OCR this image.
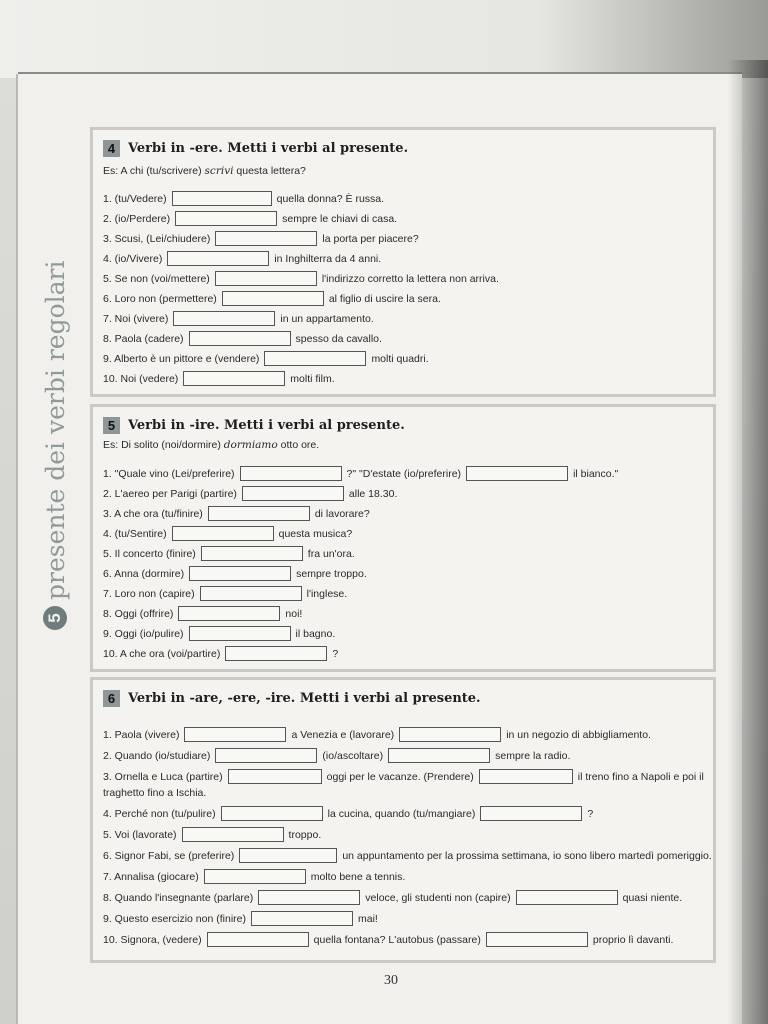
5
presente dei verbi regolari
4 Verbi in -ere. Metti i verbi al presente.
Es: A chi (tu/scrivere) scrivi questa lettera?
1. (tu/Vedere)	quella donna? È russa.
2. (io/Perdere)	sempre le chiavi di casa.
3. Scusi, (Lei/chiudere)	la porta per piacere?
4. (io/Vivere)	in Inghilterra da 4 anni.
5. Se non (voi/mettere)	l'indirizzo corretto la lettera non arriva.
6. Loro non (permettere)	al figlio di uscire la sera.
7. Noi (vivere)	in un appartamento.
8. Paola (cadere)	spesso da cavallo.
9. Alberto è un pittore e (vendere)	molti quadri.
10. Noi (vedere)	molti film.
5 Verbi in -ire. Metti i verbi al presente.
Es: Di solito (noi/dormire) dormiamo otto ore.
1. "Quale vino (Lei/preferire)	?" "D'estate (io/preferire)	il bianco."
2. L'aereo per Parigi (partire)	alle 18.30.
3. A che ora (tu/finire)	di lavorare?
4. (tu/Sentire)	questa musica?
5. Il concerto (finire)	fra un'ora.
6. Anna (dormire)	sempre troppo.
7. Loro non (capire)	l'inglese.
8. Oggi (offrire)	noi!
9. Oggi (io/pulire)	il bagno.
10. A che ora (voi/partire)	?
6 Verbi in -are, -ere, -ire. Metti i verbi al presente.
1. Paola (vivere)	a Venezia e (lavorare)	in un negozio di abbigliamento.
2. Quando (io/studiare)	(io/ascoltare)	sempre la radio.
3. Ornella e Luca (partire)	oggi per le vacanze. (Prendere)	il treno fino a Napoli e poi il
traghetto fino a Ischia.
4. Perché non (tu/pulire)	la cucina, quando (tu/mangiare)	?
5. Voi (lavorate)	troppo.
6. Signor Fabi, se (preferire)	un appuntamento per la prossima settimana, io sono libero martedì pomeriggio.
7. Annalisa (giocare)	molto bene a tennis.
8. Quando l'insegnante (parlare)	veloce, gli studenti non (capire)	quasi niente.
9. Questo esercizio non (finire)	mai!
10. Signora, (vedere)	quella fontana? L'autobus (passare)	proprio lì davanti.
30
